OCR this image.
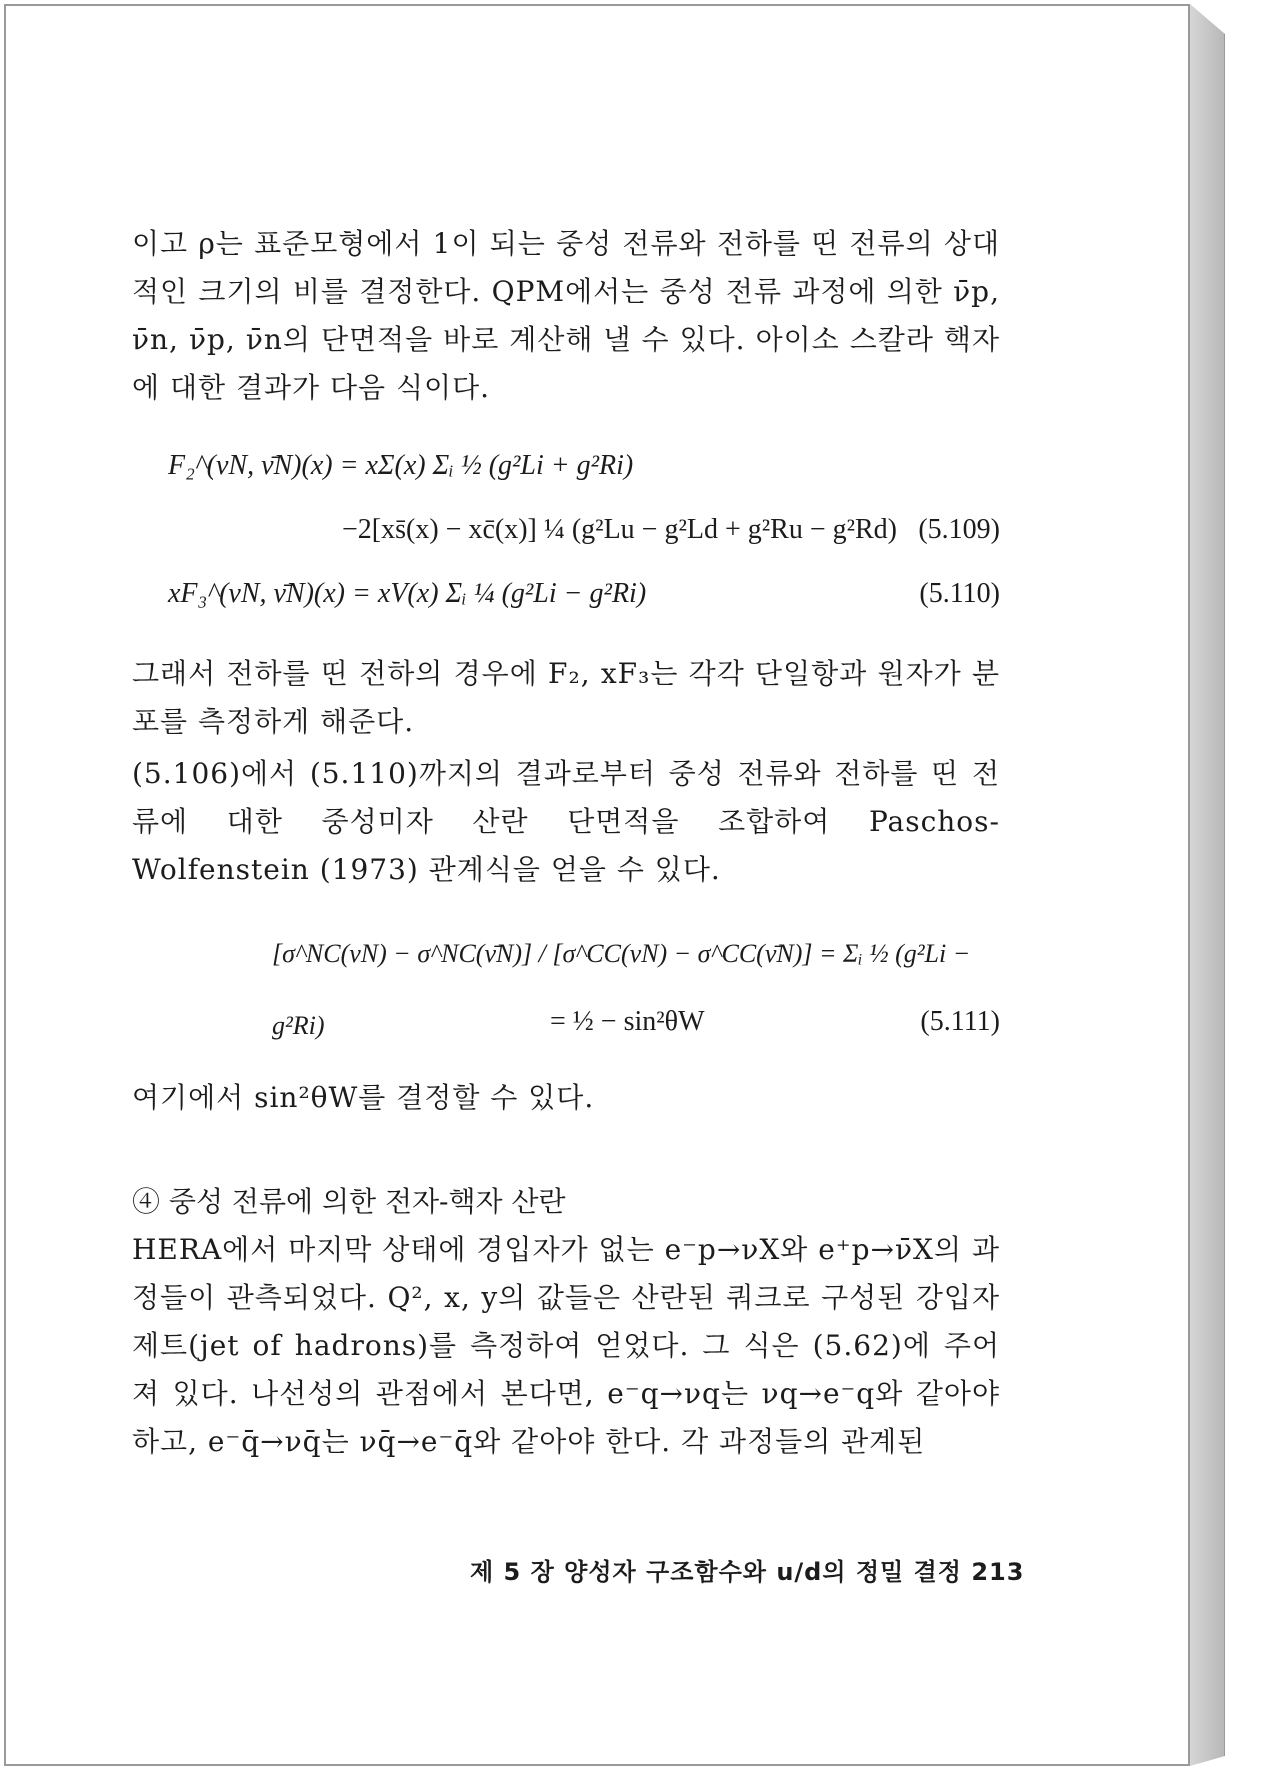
이고 ρ는 표준모형에서 1이 되는 중성 전류와 전하를 띤 전류의 상대적인 크기의 비를 결정한다. QPM에서는 중성 전류 과정에 의한 ν̄p, ν̄n, ν̄p, ν̄n의 단면적을 바로 계산해 낼 수 있다. 아이소 스칼라 핵자에 대한 결과가 다음 식이다.

F₂^(νN, ν̄N)(x) = xΣ(x) Σᵢ ½ (g²Li + g²Ri)
−2[xs̄(x) − xc̄(x)] ¼ (g²Lu − g²Ld + g²Ru − g²Rd) (5.109)
xF₃^(νN, ν̄N)(x) = xV(x) Σᵢ ¼ (g²Li − g²Ri)	(5.110)

그래서 전하를 띤 전하의 경우에 F₂, xF₃는 각각 단일항과 원자가 분포를 측정하게 해준다.

(5.106)에서 (5.110)까지의 결과로부터 중성 전류와 전하를 띤 전류에 대한 중성미자 산란 단면적을 조합하여 Paschos-Wolfenstein (1973) 관계식을 얻을 수 있다.

[σ^NC(νN) − σ^NC(ν̄N)] / [σ^CC(νN) − σ^CC(ν̄N)] = Σᵢ ½ (g²Li − g²Ri)	= ½ − sin²θW	(5.111)

여기에서 sin²θW를 결정할 수 있다.

④ 중성 전류에 의한 전자-핵자 산란

HERA에서 마지막 상태에 경입자가 없는 e⁻p→νX와 e⁺p→ν̄X의 과정들이 관측되었다. Q², x, y의 값들은 산란된 쿼크로 구성된 강입자 제트(jet of hadrons)를 측정하여 얻었다. 그 식은 (5.62)에 주어져 있다. 나선성의 관점에서 본다면, e⁻q→νq는 νq→e⁻q와 같아야 하고, e⁻q̄→νq̄는 νq̄→e⁻q̄와 같아야 한다. 각 과정들의 관계된

제 5 장 양성자 구조함수와 u/d의 정밀 결정 213
